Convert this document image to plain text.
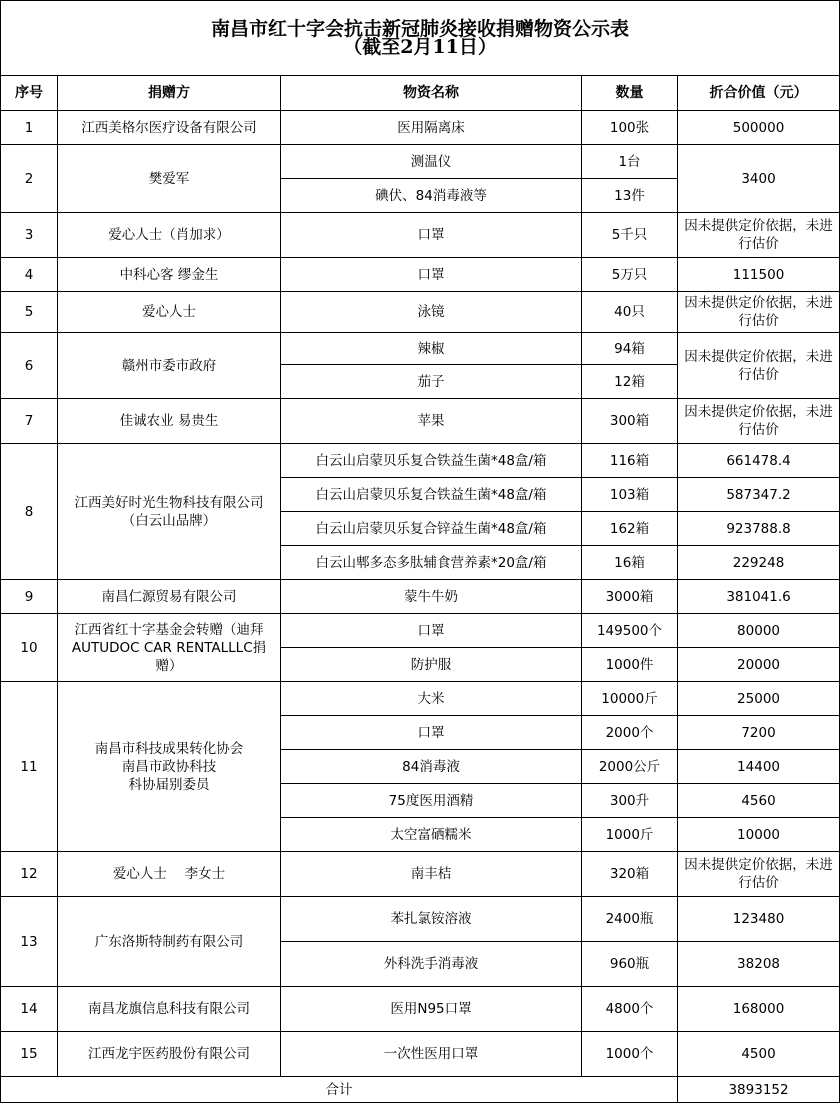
南昌市红十字会抗击新冠肺炎接收捐赠物资公示表
（截至2月11日）				

序号	捐赠方	物资名称	数量	折合价值（元）
1	江西美格尔医疗设备有限公司	医用隔离床	100张	500000
2	樊爱军	测温仪	1台	3400
		碘伏、84消毒液等	13件	
3	爱心人士（肖加求）	口罩	5千只	因未提供定价依据，未进行估价
4	中科心客 缪金生	口罩	5万只	111500
5	爱心人士	泳镜	40只	因未提供定价依据，未进行估价
6	赣州市委市政府	辣椒	94箱	因未提供定价依据，未进行估价
		茄子	12箱	
7	佳诚农业 易贵生	苹果	300箱	因未提供定价依据，未进行估价
8	江西美好时光生物科技有限公司
（白云山品牌）	白云山启蒙贝乐复合铁益生菌*48盒/箱	116箱	661478.4
		白云山启蒙贝乐复合铁益生菌*48盒/箱	103箱	587347.2
		白云山启蒙贝乐复合锌益生菌*48盒/箱	162箱	923788.8
		白云山郫多态多肽辅食营养素*20盒/箱	16箱	229248
9	南昌仁源贸易有限公司	蒙牛牛奶	3000箱	381041.6
10	江西省红十字基金会转赠（迪拜
AUTUDOC CAR RENTALLLC捐赠）	口罩	149500个	80000
		防护服	1000件	20000
11	南昌市科技成果转化协会
南昌市政协科技
科协届别委员	大米	10000斤	25000
		口罩	2000个	7200
		84消毒液	2000公斤	14400
		75度医用酒精	300升	4560
		太空富硒糯米	1000斤	10000
12	爱心人士　 李女士	南丰桔	320箱	因未提供定价依据，未进行估价
13	广东洛斯特制药有限公司	苯扎氯铵溶液	2400瓶	123480
		外科洗手消毒液	960瓶	38208
14	南昌龙旗信息科技有限公司	医用N95口罩	4800个	168000
15	江西龙宇医药股份有限公司	一次性医用口罩	1000个	4500
合计				3893152
